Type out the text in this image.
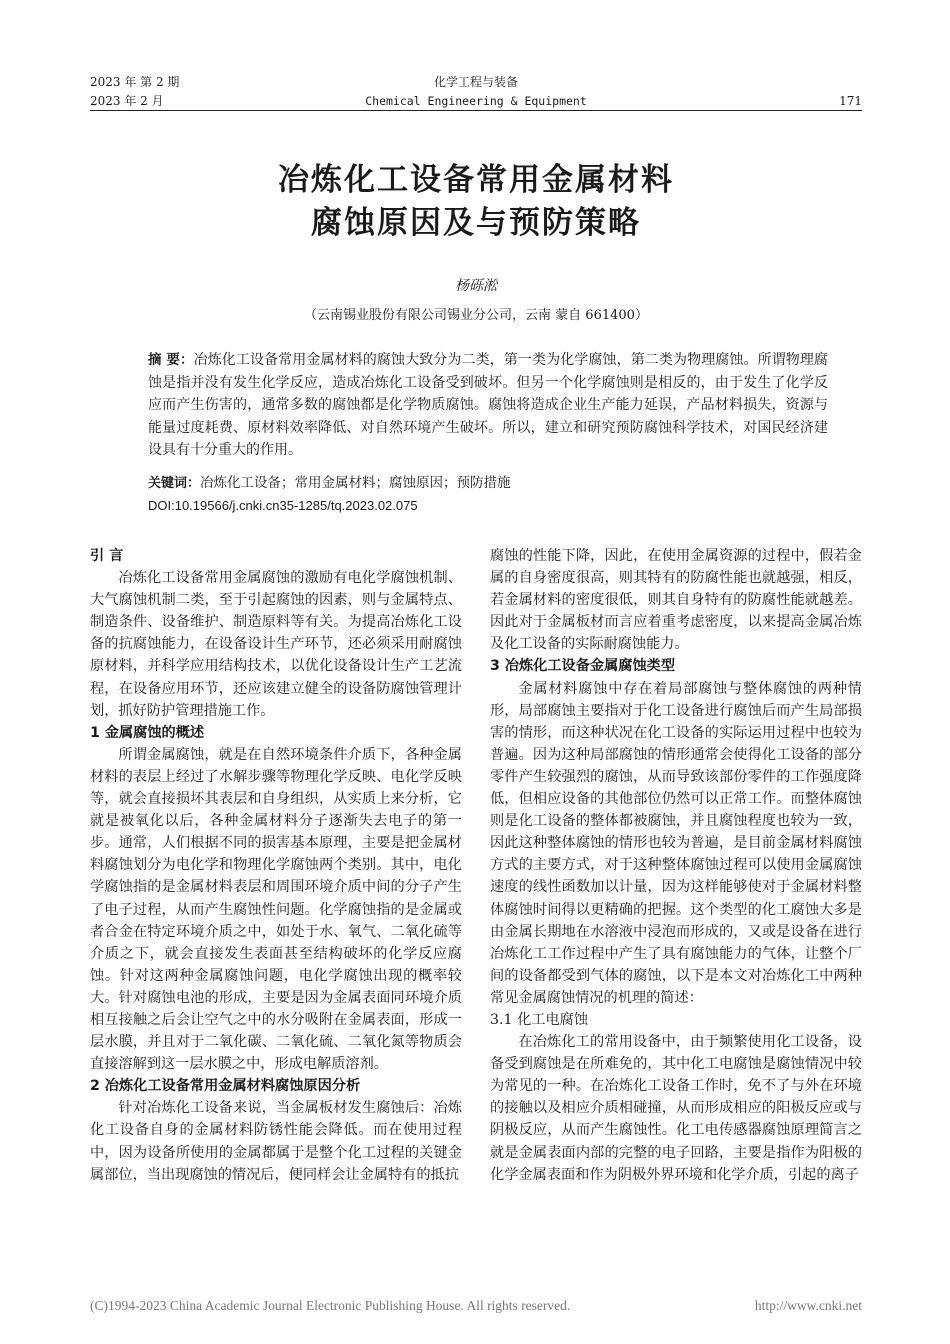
2023 年 第 2 期
2023 年 2 月
化学工程与装备
Chemical Engineering & Equipment	171
冶炼化工设备常用金属材料
腐蚀原因及与预防策略
杨砾淞
（云南锡业股份有限公司锡业分公司，云南 蒙自 661400）
摘 要：冶炼化工设备常用金属材料的腐蚀大致分为二类，第一类为化学腐蚀，第二类为物理腐蚀。所谓物理腐蚀是指并没有发生化学反应，造成冶炼化工设备受到破坏。但另一个化学腐蚀则是相反的，由于发生了化学反应而产生伤害的，通常多数的腐蚀都是化学物质腐蚀。腐蚀将造成企业生产能力延误，产品材料损失，资源与能量过度耗费、原材料效率降低、对自然环境产生破坏。所以，建立和研究预防腐蚀科学技术，对国民经济建设具有十分重大的作用。
关键词：冶炼化工设备；常用金属材料；腐蚀原因；预防措施
DOI:10.19566/j.cnki.cn35-1285/tq.2023.02.075
引 言

冶炼化工设备常用金属腐蚀的激励有电化学腐蚀机制、大气腐蚀机制二类，至于引起腐蚀的因素，则与金属特点、制造条件、设备维护、制造原料等有关。为提高冶炼化工设备的抗腐蚀能力，在设备设计生产环节，还必须采用耐腐蚀原材料，并科学应用结构技术，以优化设备设计生产工艺流程，在设备应用环节，还应该建立健全的设备防腐蚀管理计划，抓好防护管理措施工作。

1 金属腐蚀的概述

所谓金属腐蚀，就是在自然环境条件介质下，各种金属材料的表层上经过了水解步骤等物理化学反映、电化学反映等，就会直接损坏其表层和自身组织，从实质上来分析，它就是被氧化以后，各种金属材料分子逐渐失去电子的第一步。通常，人们根据不同的损害基本原理，主要是把金属材料腐蚀划分为电化学和物理化学腐蚀两个类别。其中，电化学腐蚀指的是金属材料表层和周围环境介质中间的分子产生了电子过程，从而产生腐蚀性问题。化学腐蚀指的是金属或者合金在特定环境介质之中，如处于水、氧气、二氧化硫等介质之下，就会直接发生表面甚至结构破坏的化学反应腐蚀。针对这两种金属腐蚀问题，电化学腐蚀出现的概率较大。针对腐蚀电池的形成，主要是因为金属表面同环境介质相互接触之后会让空气之中的水分吸附在金属表面，形成一层水膜，并且对于二氧化碳、二氧化硫、二氧化氮等物质会直接溶解到这一层水膜之中，形成电解质溶剂。

2 冶炼化工设备常用金属材料腐蚀原因分析

针对冶炼化工设备来说，当金属板材发生腐蚀后：冶炼化工设备自身的金属材料防锈性能会降低。而在使用过程中，因为设备所使用的金属都属于是整个化工过程的关键金属部位，当出现腐蚀的情况后，便同样会让金属特有的抵抗

腐蚀的性能下降，因此，在使用金属资源的过程中，假若金属的自身密度很高，则其特有的防腐性能也就越强，相反，若金属材料的密度很低，则其自身特有的防腐性能就越差。因此对于金属板材而言应着重考虑密度，以来提高金属冶炼及化工设备的实际耐腐蚀能力。

3 冶炼化工设备金属腐蚀类型

金属材料腐蚀中存在着局部腐蚀与整体腐蚀的两种情形，局部腐蚀主要指对于化工设备进行腐蚀后而产生局部损害的情形，而这种状况在化工设备的实际运用过程中也较为普遍。因为这种局部腐蚀的情形通常会使得化工设备的部分零件产生较强烈的腐蚀，从而导致该部份零件的工作强度降低，但相应设备的其他部位仍然可以正常工作。而整体腐蚀则是化工设备的整体都被腐蚀，并且腐蚀程度也较为一致，因此这种整体腐蚀的情形也较为普遍，是目前金属材料腐蚀方式的主要方式，对于这种整体腐蚀过程可以使用金属腐蚀速度的线性函数加以计量，因为这样能够使对于金属材料整体腐蚀时间得以更精确的把握。这个类型的化工腐蚀大多是由金属长期地在水溶液中浸泡而形成的，又或是设备在进行冶炼化工工作过程中产生了具有腐蚀能力的气体，让整个厂间的设备都受到气体的腐蚀，以下是本文对冶炼化工中两种常见金属腐蚀情况的机理的简述：

3.1 化工电腐蚀

在冶炼化工的常用设备中，由于频繁使用化工设备，设备受到腐蚀是在所难免的，其中化工电腐蚀是腐蚀情况中较为常见的一种。在冶炼化工设备工作时，免不了与外在环境的接触以及相应介质相碰撞，从而形成相应的阳极反应或与阴极反应，从而产生腐蚀性。化工电传感器腐蚀原理简言之就是金属表面内部的完整的电子回路，主要是指作为阳极的化学金属表面和作为阴极外界环境和化学介质，引起的离子

(C)1994-2023 China Academic Journal Electronic Publishing House. All rights reserved.	http://www.cnki.net
